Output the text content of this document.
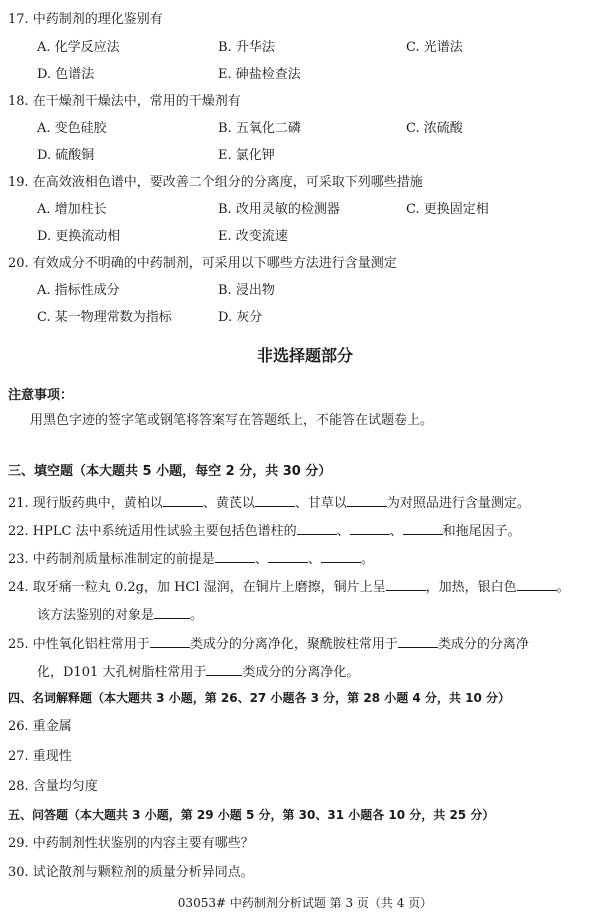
17. 中药制剂的理化鉴别有
A. 化学反应法	B. 升华法	C. 光谱法
D. 色谱法	E. 砷盐检查法
18. 在干燥剂干燥法中，常用的干燥剂有
A. 变色硅胶	B. 五氧化二磷	C. 浓硫酸
D. 硫酸铜	E. 氯化钾
19. 在高效液相色谱中，要改善二个组分的分离度，可采取下列哪些措施
A. 增加柱长	B. 改用灵敏的检测器	C. 更换固定相
D. 更换流动相	E. 改变流速
20. 有效成分不明确的中药制剂，可采用以下哪些方法进行含量测定
A. 指标性成分	B. 浸出物
C. 某一物理常数为指标	D. 灰分
非选择题部分
注意事项：
用黑色字迹的签字笔或钢笔将答案写在答题纸上，不能答在试题卷上。
三、填空题（本大题共 5 小题，每空 2 分，共 30 分）
21. 现行版药典中，黄柏以	、黄芪以	、甘草以	为对照品进行含量测定。
22. HPLC 法中系统适用性试验主要包括色谱柱的	、	、	和拖尾因子。
23. 中药制剂质量标准制定的前提是	、	、	。
24. 取牙痛一粒丸 0.2g，加 HCl 湿润，在铜片上磨擦，铜片上呈	，加热，银白色	。
该方法鉴别的对象是	。
25. 中性氧化铝柱常用于	类成分的分离净化，聚酰胺柱常用于	类成分的分离净
化，D101 大孔树脂柱常用于	类成分的分离净化。
四、名词解释题（本大题共 3 小题，第 26、27 小题各 3 分，第 28 小题 4 分，共 10 分）
26. 重金属
27. 重现性
28. 含量均匀度
五、问答题（本大题共 3 小题，第 29 小题 5 分，第 30、31 小题各 10 分，共 25 分）
29. 中药制剂性状鉴别的内容主要有哪些？
30. 试论散剂与颗粒剂的质量分析异同点。
03053# 中药制剂分析试题 第 3 页（共 4 页）
